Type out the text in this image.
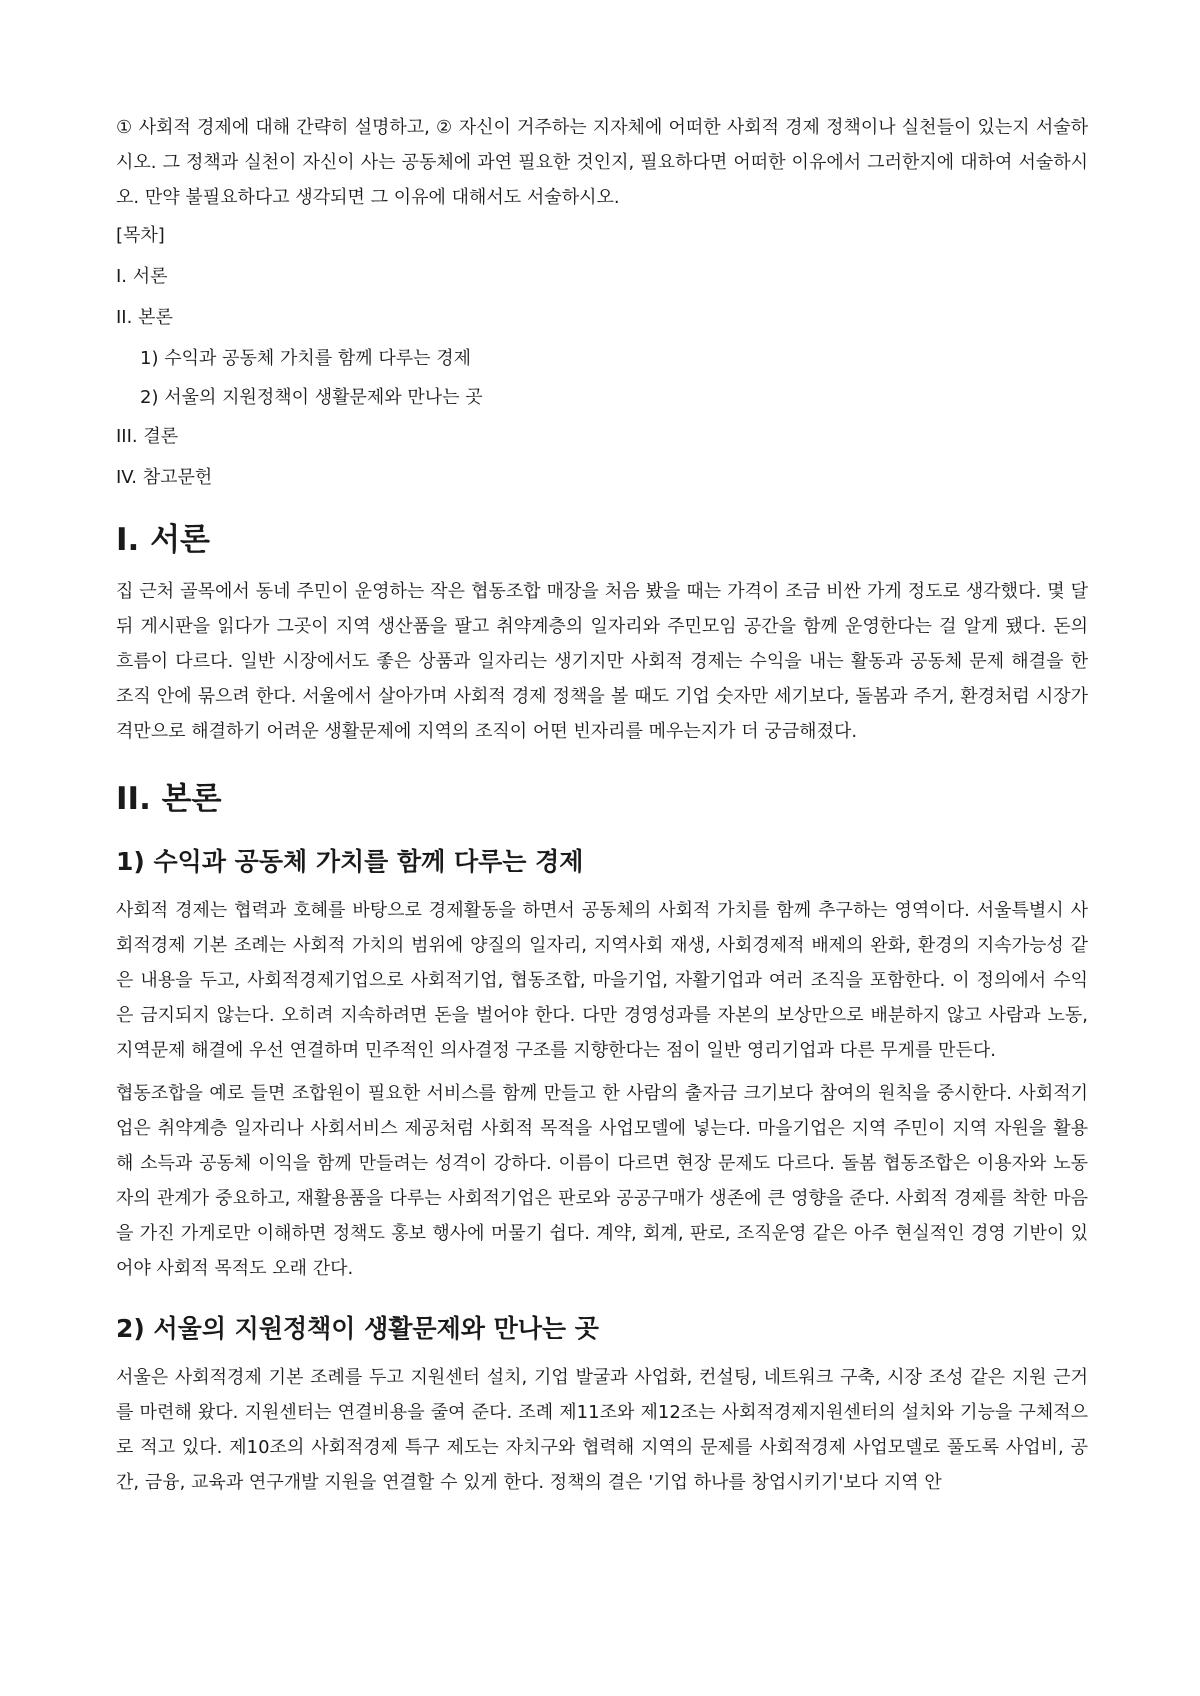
① 사회적 경제에 대해 간략히 설명하고, ② 자신이 거주하는 지자체에 어떠한 사회적 경제 정책이나 실천들이 있는지 서술하시오. 그 정책과 실천이 자신이 사는 공동체에 과연 필요한 것인지, 필요하다면 어떠한 이유에서 그러한지에 대하여 서술하시오. 만약 불필요하다고 생각되면 그 이유에 대해서도 서술하시오.

[목차]
I. 서론
II. 본론
1) 수익과 공동체 가치를 함께 다루는 경제
2) 서울의 지원정책이 생활문제와 만나는 곳
III. 결론
IV. 참고문헌
I. 서론

집 근처 골목에서 동네 주민이 운영하는 작은 협동조합 매장을 처음 봤을 때는 가격이 조금 비싼 가게 정도로 생각했다. 몇 달 뒤 게시판을 읽다가 그곳이 지역 생산품을 팔고 취약계층의 일자리와 주민모임 공간을 함께 운영한다는 걸 알게 됐다. 돈의 흐름이 다르다. 일반 시장에서도 좋은 상품과 일자리는 생기지만 사회적 경제는 수익을 내는 활동과 공동체 문제 해결을 한 조직 안에 묶으려 한다. 서울에서 살아가며 사회적 경제 정책을 볼 때도 기업 숫자만 세기보다, 돌봄과 주거, 환경처럼 시장가격만으로 해결하기 어려운 생활문제에 지역의 조직이 어떤 빈자리를 메우는지가 더 궁금해졌다.

II. 본론
1) 수익과 공동체 가치를 함께 다루는 경제

사회적 경제는 협력과 호혜를 바탕으로 경제활동을 하면서 공동체의 사회적 가치를 함께 추구하는 영역이다. 서울특별시 사회적경제 기본 조례는 사회적 가치의 범위에 양질의 일자리, 지역사회 재생, 사회경제적 배제의 완화, 환경의 지속가능성 같은 내용을 두고, 사회적경제기업으로 사회적기업, 협동조합, 마을기업, 자활기업과 여러 조직을 포함한다. 이 정의에서 수익은 금지되지 않는다. 오히려 지속하려면 돈을 벌어야 한다. 다만 경영성과를 자본의 보상만으로 배분하지 않고 사람과 노동, 지역문제 해결에 우선 연결하며 민주적인 의사결정 구조를 지향한다는 점이 일반 영리기업과 다른 무게를 만든다.

협동조합을 예로 들면 조합원이 필요한 서비스를 함께 만들고 한 사람의 출자금 크기보다 참여의 원칙을 중시한다. 사회적기업은 취약계층 일자리나 사회서비스 제공처럼 사회적 목적을 사업모델에 넣는다. 마을기업은 지역 주민이 지역 자원을 활용해 소득과 공동체 이익을 함께 만들려는 성격이 강하다. 이름이 다르면 현장 문제도 다르다. 돌봄 협동조합은 이용자와 노동자의 관계가 중요하고, 재활용품을 다루는 사회적기업은 판로와 공공구매가 생존에 큰 영향을 준다. 사회적 경제를 착한 마음을 가진 가게로만 이해하면 정책도 홍보 행사에 머물기 쉽다. 계약, 회계, 판로, 조직운영 같은 아주 현실적인 경영 기반이 있어야 사회적 목적도 오래 간다.

2) 서울의 지원정책이 생활문제와 만나는 곳

서울은 사회적경제 기본 조례를 두고 지원센터 설치, 기업 발굴과 사업화, 컨설팅, 네트워크 구축, 시장 조성 같은 지원 근거를 마련해 왔다. 지원센터는 연결비용을 줄여 준다. 조례 제11조와 제12조는 사회적경제지원센터의 설치와 기능을 구체적으로 적고 있다. 제10조의 사회적경제 특구 제도는 자치구와 협력해 지역의 문제를 사회적경제 사업모델로 풀도록 사업비, 공간, 금융, 교육과 연구개발 지원을 연결할 수 있게 한다. 정책의 결은 '기업 하나를 창업시키기'보다 지역 안
